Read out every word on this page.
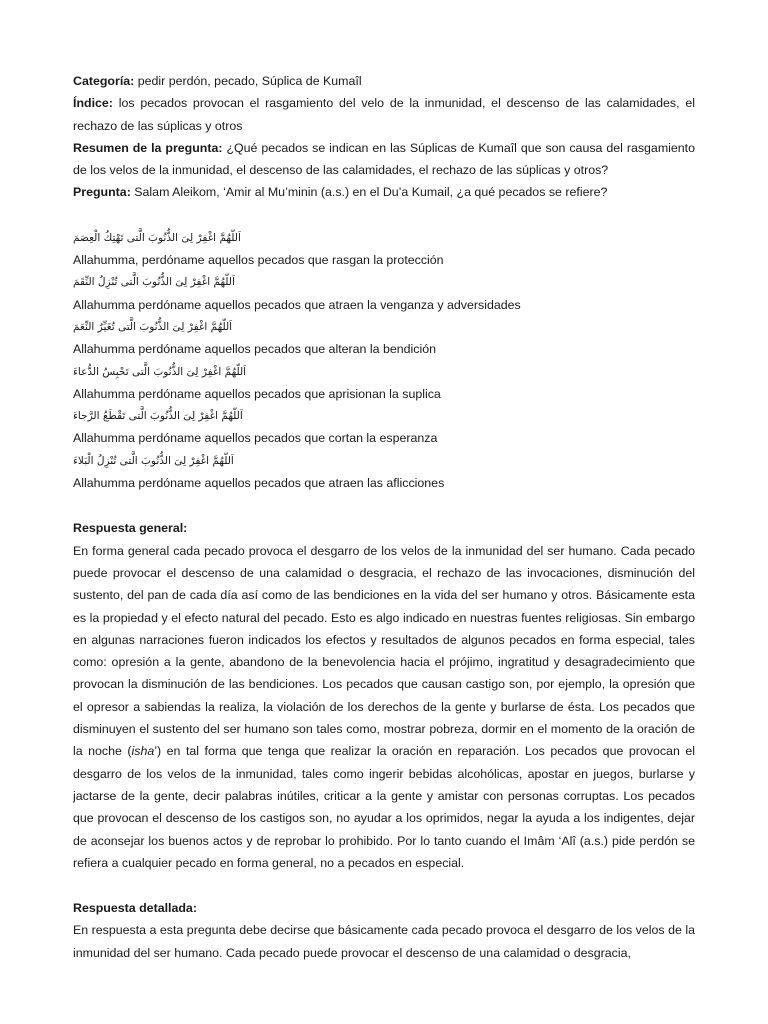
Categoría: pedir perdón, pecado, Súplica de Kumaîl

Índice: los pecados provocan el rasgamiento del velo de la inmunidad, el descenso de las calamidades, el rechazo de las súplicas y otros

Resumen de la pregunta: ¿Qué pecados se indican en las Súplicas de Kumaîl que son causa del rasgamiento de los velos de la inmunidad, el descenso de las calamidades, el rechazo de las súplicas y otros?

Pregunta: Salam Aleikom, ‘Amir al Mu’minin (a.s.) en el Du’a Kumail, ¿a qué pecados se refiere?

اَللّهُمَّ اغْفِرْ لِىَ الذُّنُوبَ الَّتى تَهْتِكُ الْعِصَمَ
Allahumma, perdóname aquellos pecados que rasgan la protección
اَللّهُمَّ اغْفِرْ لِىَ الذُّنُوبَ الَّتى تُنْزِلُ النِّقَمَ
Allahumma perdóname aquellos pecados que atraen la venganza y adversidades
اَللّهُمَّ اغْفِرْ لِىَ الذُّنُوبَ الَّتى تُغَيِّرُ النِّعَمَ
Allahumma perdóname aquellos pecados que alteran la bendición
اَللّهُمَّ اغْفِرْ لِىَ الذُّنُوبَ الَّتى تَحْبِسُ الدُّعاءَ
Allahumma perdóname aquellos pecados que aprisionan la suplica
اَللّهُمَّ اغْفِرْ لِىَ الذُّنُوبَ الَّتى تَقْطَعُ الرَّجاءَ
Allahumma perdóname aquellos pecados que cortan la esperanza
اَللّهُمَّ اغْفِرْ لِىَ الذُّنُوبَ الَّتى تُنْزِلُ الْبَلاءَ
Allahumma perdóname aquellos pecados que atraen las aflicciones

Respuesta general:

En forma general cada pecado provoca el desgarro de los velos de la inmunidad del ser humano. Cada pecado puede provocar el descenso de una calamidad o desgracia, el rechazo de las invocaciones, disminución del sustento, del pan de cada día así como de las bendiciones en la vida del ser humano y otros. Básicamente esta es la propiedad y el efecto natural del pecado. Esto es algo indicado en nuestras fuentes religiosas. Sin embargo en algunas narraciones fueron indicados los efectos y resultados de algunos pecados en forma especial, tales como: opresión a la gente, abandono de la benevolencia hacia el prójimo, ingratitud y desagradecimiento que provocan la disminución de las bendiciones. Los pecados que causan castigo son, por ejemplo, la opresión que el opresor a sabiendas la realiza, la violación de los derechos de la gente y burlarse de ésta. Los pecados que disminuyen el sustento del ser humano son tales como, mostrar pobreza, dormir en el momento de la oración de la noche (isha’) en tal forma que tenga que realizar la oración en reparación. Los pecados que provocan el desgarro de los velos de la inmunidad, tales como ingerir bebidas alcohólicas, apostar en juegos, burlarse y jactarse de la gente, decir palabras inútiles, criticar a la gente y amistar con personas corruptas. Los pecados que provocan el descenso de los castigos son, no ayudar a los oprimidos, negar la ayuda a los indigentes, dejar de aconsejar los buenos actos y de reprobar lo prohibido. Por lo tanto cuando el Imâm ‘Alî (a.s.) pide perdón se refiera a cualquier pecado en forma general, no a pecados en especial.

Respuesta detallada:

En respuesta a esta pregunta debe decirse que básicamente cada pecado provoca el desgarro de los velos de la inmunidad del ser humano. Cada pecado puede provocar el descenso de una calamidad o desgracia,
